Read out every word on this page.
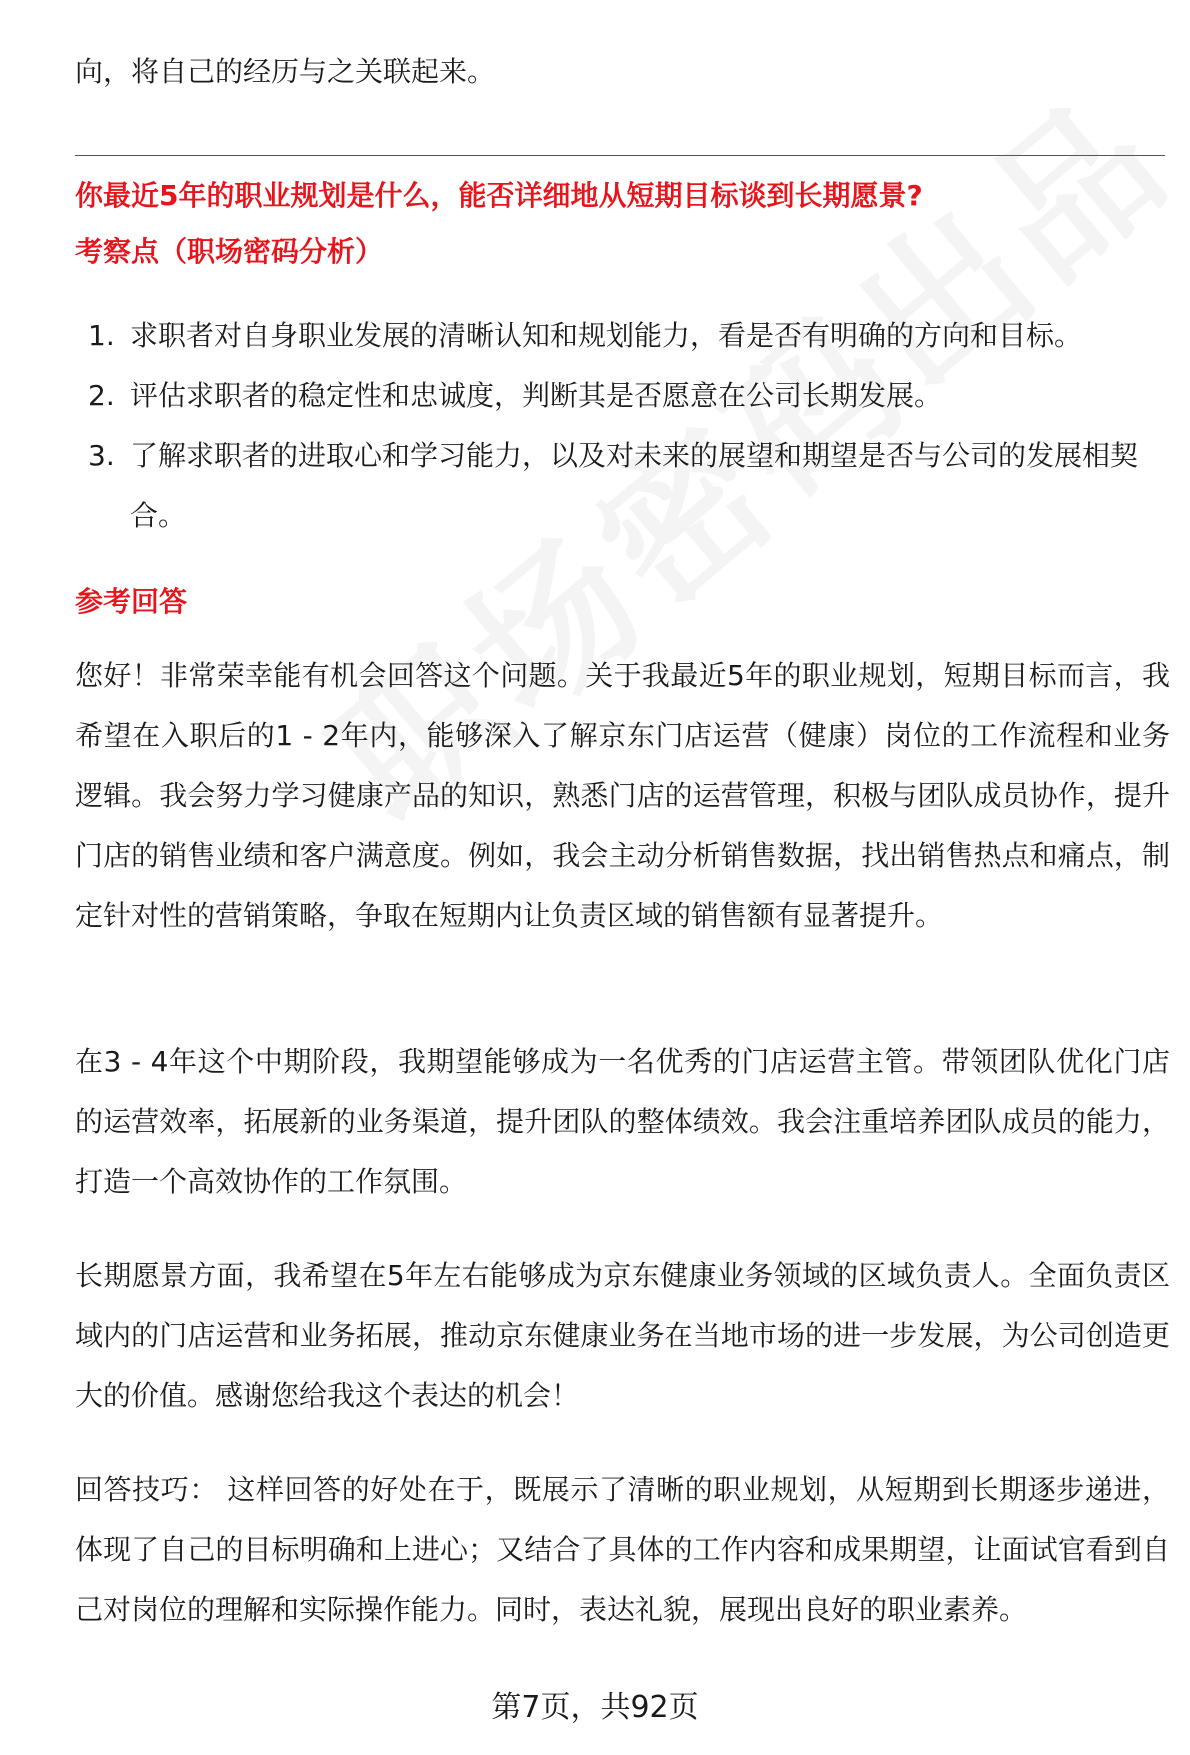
向，将自己的经历与之关联起来。
你最近5年的职业规划是什么，能否详细地从短期目标谈到长期愿景?
考察点（职场密码分析）
1. 求职者对自身职业发展的清晰认知和规划能力，看是否有明确的方向和目标。
2. 评估求职者的稳定性和忠诚度，判断其是否愿意在公司长期发展。
3. 了解求职者的进取心和学习能力，以及对未来的展望和期望是否与公司的发展相契合。
参考回答
您好！非常荣幸能有机会回答这个问题。关于我最近5年的职业规划，短期目标而言，我希望在入职后的1 - 2年内，能够深入了解京东门店运营（健康）岗位的工作流程和业务逻辑。我会努力学习健康产品的知识，熟悉门店的运营管理，积极与团队成员协作，提升门店的销售业绩和客户满意度。例如，我会主动分析销售数据，找出销售热点和痛点，制定针对性的营销策略，争取在短期内让负责区域的销售额有显著提升。
在3 - 4年这个中期阶段，我期望能够成为一名优秀的门店运营主管。带领团队优化门店的运营效率，拓展新的业务渠道，提升团队的整体绩效。我会注重培养团队成员的能力，打造一个高效协作的工作氛围。
长期愿景方面，我希望在5年左右能够成为京东健康业务领域的区域负责人。全面负责区域内的门店运营和业务拓展，推动京东健康业务在当地市场的进一步发展，为公司创造更大的价值。感谢您给我这个表达的机会！
回答技巧： 这样回答的好处在于，既展示了清晰的职业规划，从短期到长期逐步递进，体现了自己的目标明确和上进心；又结合了具体的工作内容和成果期望，让面试官看到自己对岗位的理解和实际操作能力。同时，表达礼貌，展现出良好的职业素养。
第7页，共92页
